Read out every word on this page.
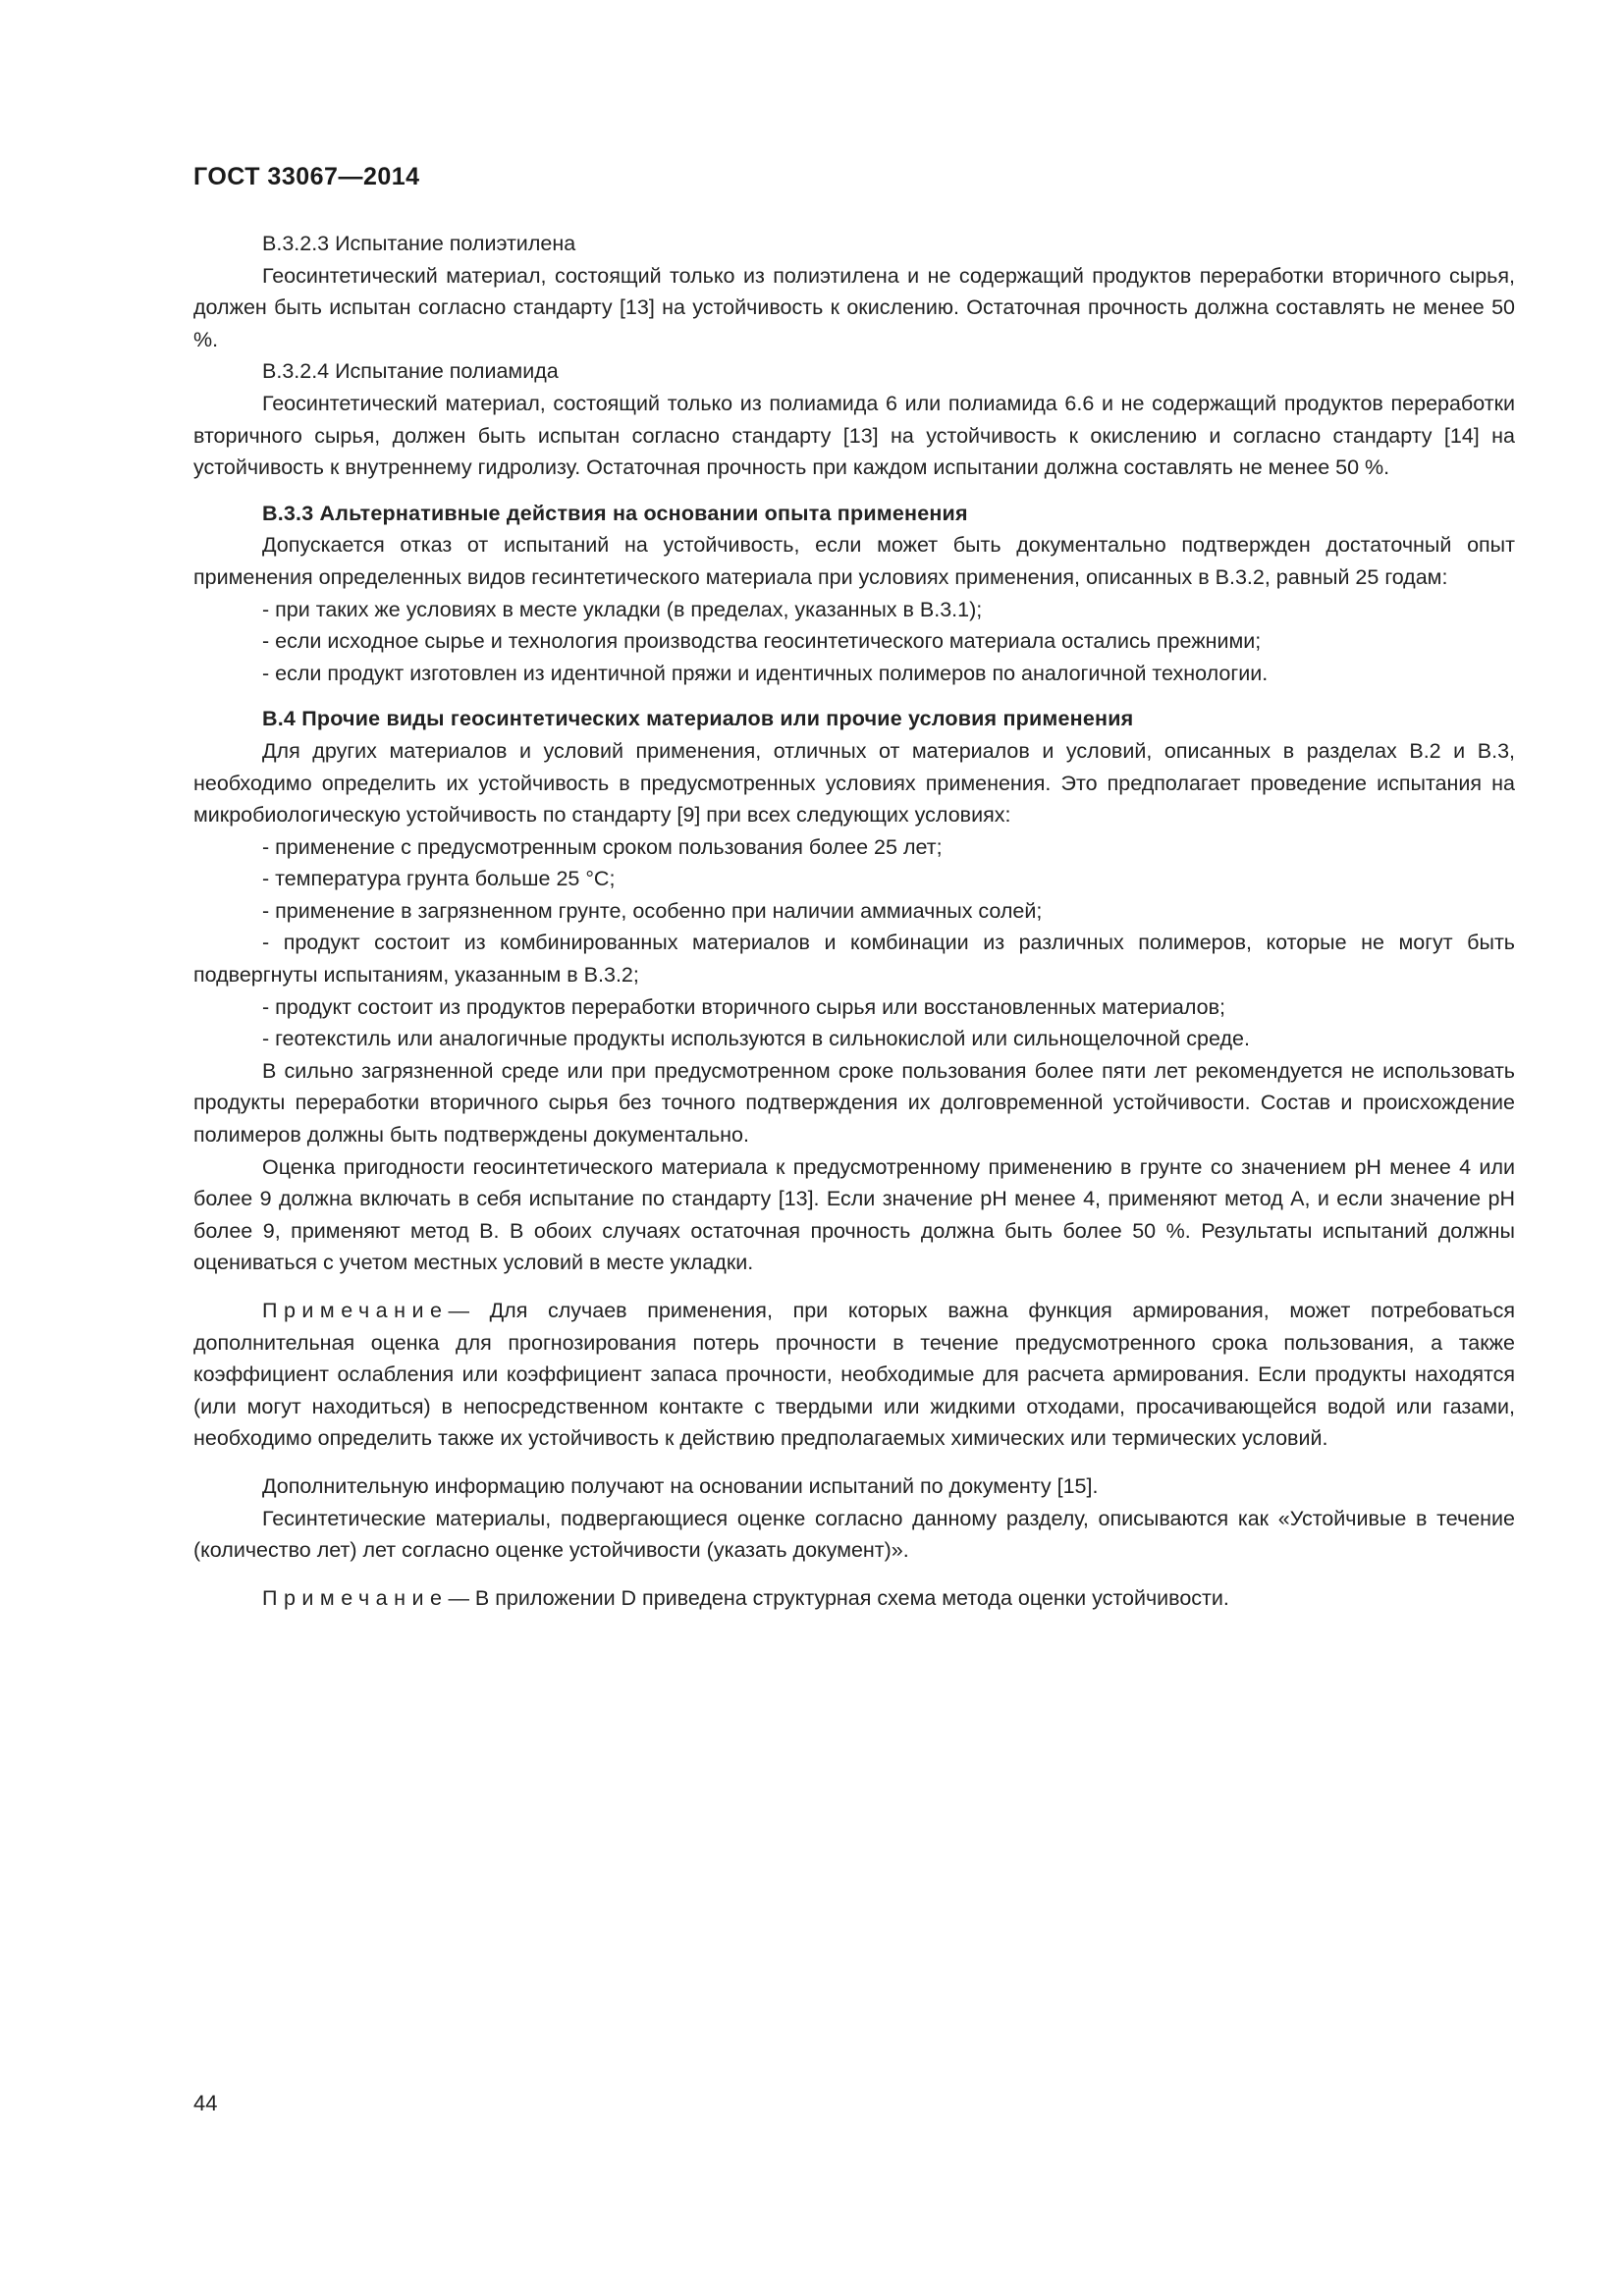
ГОСТ 33067—2014

В.3.2.3 Испытание полиэтилена

Геосинтетический материал, состоящий только из полиэтилена и не содержащий продуктов переработки вторичного сырья, должен быть испытан согласно стандарту [13] на устойчивость к окислению. Остаточная прочность должна составлять не менее 50 %.

В.3.2.4 Испытание полиамида

Геосинтетический материал, состоящий только из полиамида 6 или полиамида 6.6 и не содержащий продуктов переработки вторичного сырья, должен быть испытан согласно стандарту [13] на устойчивость к окислению и согласно стандарту [14] на устойчивость к внутреннему гидролизу. Остаточная прочность при каждом испытании должна составлять не менее 50 %.

В.3.3 Альтернативные действия на основании опыта применения

Допускается отказ от испытаний на устойчивость, если может быть документально подтвержден достаточный опыт применения определенных видов гесинтетического материала при условиях применения, описанных в В.3.2, равный 25 годам:

- при таких же условиях в месте укладки (в пределах, указанных в В.3.1);

- если исходное сырье и технология производства геосинтетического материала остались прежними;

- если продукт изготовлен из идентичной пряжи и идентичных полимеров по аналогичной технологии.

В.4 Прочие виды геосинтетических материалов или прочие условия применения

Для других материалов и условий применения, отличных от материалов и условий, описанных в разделах В.2 и В.3, необходимо определить их устойчивость в предусмотренных условиях применения. Это предполагает проведение испытания на микробиологическую устойчивость по стандарту [9] при всех следующих условиях:

- применение с предусмотренным сроком пользования более 25 лет;

- температура грунта больше 25 °С;

- применение в загрязненном грунте, особенно при наличии аммиачных солей;

- продукт состоит из комбинированных материалов и комбинации из различных полимеров, которые не могут быть подвергнуты испытаниям, указанным в В.3.2;

- продукт состоит из продуктов переработки вторичного сырья или восстановленных материалов;

- геотекстиль или аналогичные продукты используются в сильнокислой или сильнощелочной среде.

В сильно загрязненной среде или при предусмотренном сроке пользования более пяти лет рекомендуется не использовать продукты переработки вторичного сырья без точного подтверждения их долговременной устойчивости. Состав и происхождение полимеров должны быть подтверждены документально.

Оценка пригодности геосинтетического материала к предусмотренному применению в грунте со значением pH менее 4 или более 9 должна включать в себя испытание по стандарту [13]. Если значение pH менее 4, применяют метод А, и если значение pH более 9, применяют метод В. В обоих случаях остаточная прочность должна быть более 50 %. Результаты испытаний должны оцениваться с учетом местных условий в месте укладки.

Примечание— Для случаев применения, при которых важна функция армирования, может потребоваться дополнительная оценка для прогнозирования потерь прочности в течение предусмотренного срока пользования, а также коэффициент ослабления или коэффициент запаса прочности, необходимые для расчета армирования. Если продукты находятся (или могут находиться) в непосредственном контакте с твердыми или жидкими отходами, просачивающейся водой или газами, необходимо определить также их устойчивость к действию предполагаемых химических или термических условий.

Дополнительную информацию получают на основании испытаний по документу [15].

Гесинтетические материалы, подвергающиеся оценке согласно данному разделу, описываются как «Устойчивые в течение (количество лет) лет согласно оценке устойчивости (указать документ)».

Примечание— В приложении D приведена структурная схема метода оценки устойчивости.

44
